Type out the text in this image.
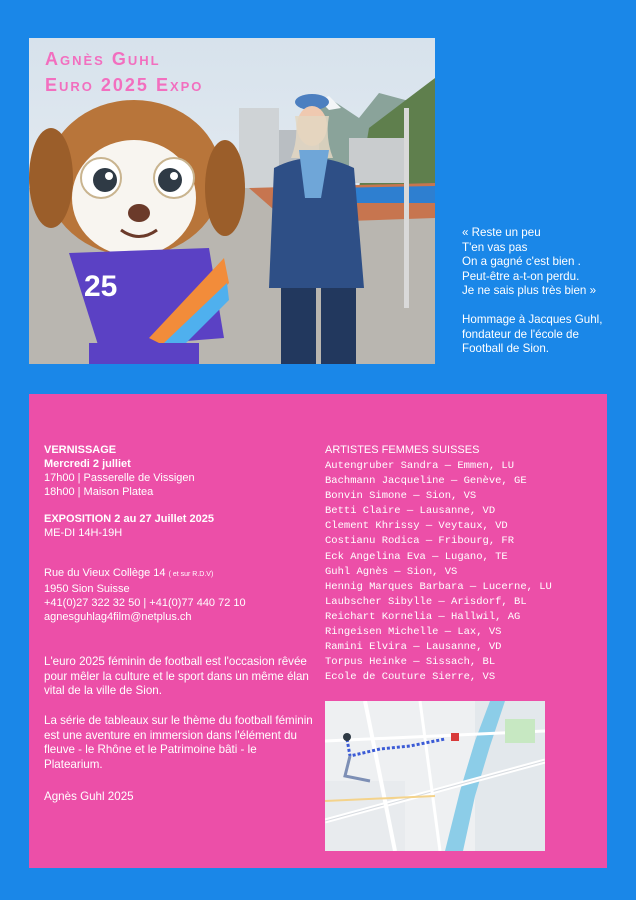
25
Agnès Guhl
Euro 2025 Expo
« Reste un peu
T'en vas pas
On a gagné c'est bien .
Peut-être a-t-on perdu.
Je ne sais plus très bien »
Hommage à Jacques Guhl,
fondateur de l'école de
Football de Sion.
VERNISSAGE
Mercredi 2 julliet
17h00 | Passerelle de Vissigen
18h00 | Maison Platea
EXPOSITION 2 au 27 Juillet 2025
ME-DI 14H-19H
Rue du Vieux Collège 14 ( et sur R.D.V)
1950 Sion Suisse
+41(0)27 322 32 50 | +41(0)77 440 72 10
agnesguhlag4film@netplus.ch
L'euro 2025 féminin de football est l'occasion rêvée pour mêler la culture et le sport dans un même élan vital de la ville de Sion.
La série de tableaux sur le thème du football féminin est une aventure en immersion dans l'élément du fleuve - le Rhône et le Patrimoine bâti - le Platearium.
Agnès Guhl 2025
ARTISTES FEMMES SUISSES
Autengruber Sandra — Emmen, LU
Bachmann Jacqueline — Genève, GE
Bonvin Simone — Sion, VS
Betti Claire — Lausanne, VD
Clement Khrissy — Veytaux, VD
Costianu Rodica — Fribourg, FR
Eck Angelina Eva — Lugano, TE
Guhl Agnès — Sion, VS
Hennig Marques Barbara — Lucerne, LU
Laubscher Sibylle — Arisdorf, BL
Reichart Kornelia — Hallwil, AG
Ringeisen Michelle — Lax, VS
Ramini Elvira — Lausanne, VD
Torpus Heinke — Sissach, BL
Ecole de Couture Sierre, VS
